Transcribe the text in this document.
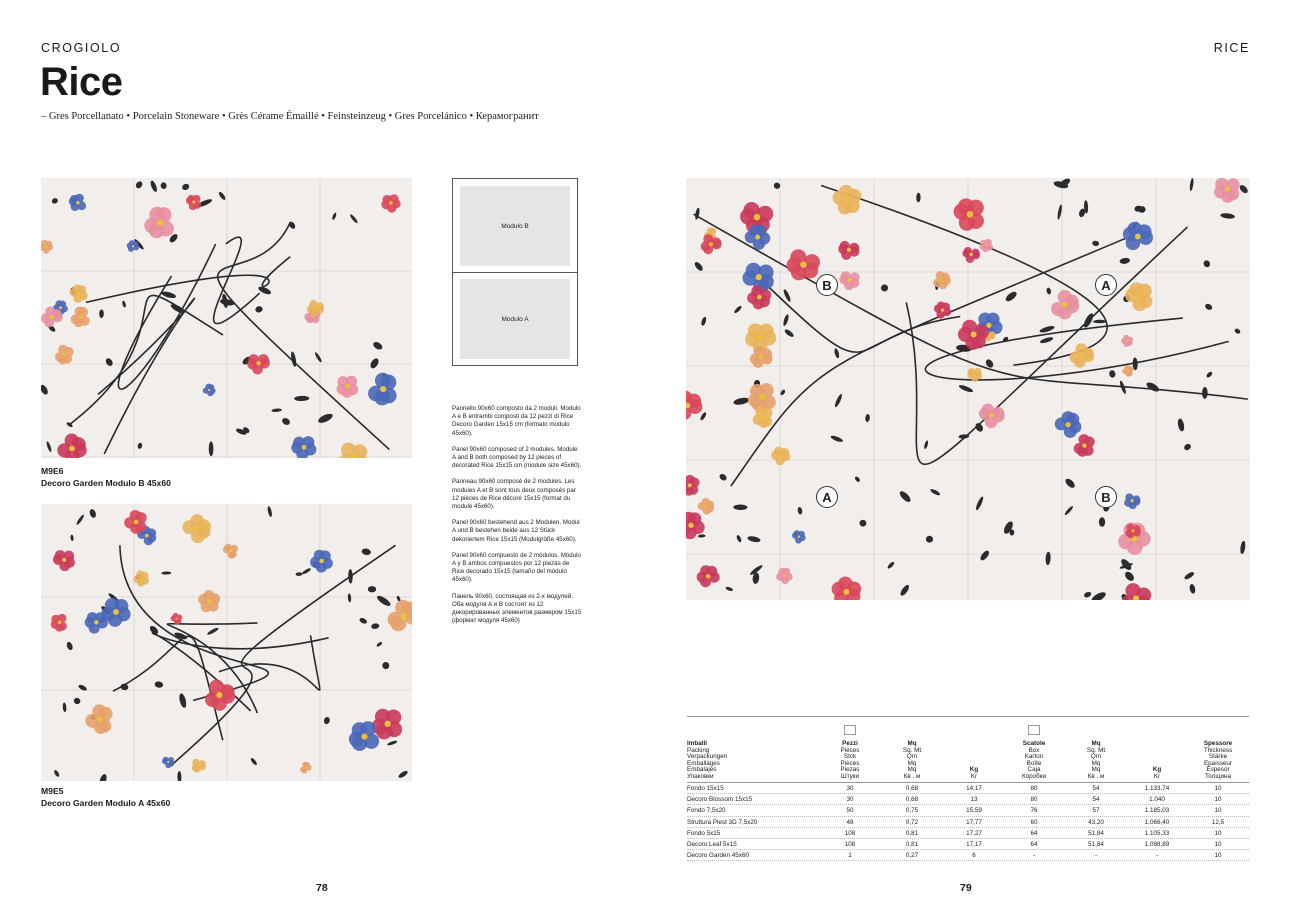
CROGIOLO	RICE
Rice
– Gres Porcellanato • Porcelain Stoneware • Grès Cérame Émaillé • Feinsteinzeug • Gres Porcelánico • Керамогранит
M9E6
Decoro Garden Modulo B 45x60
M9E5
Decoro Garden Modulo A 45x60
Modulo B
Modulo A

Pannello 90x60 composto da 2 moduli. Modulo A e B entrambi composti da 12 pezzi di Rice Decoro Garden 15x15 cm (formato modulo 45x60).

Panel 90x60 composed of 2 modules. Module A and B both composed by 12 pieces of decorated Rice 15x15 cm (module size 45x60).

Panneau 90x60 composé de 2 modules. Les modules A et B sont tous deux composés par 12 pièces de Rice décoré 15x15 (format du module 45x60).

Panel 90x60 bestehend aus 2 Modulen. Modul A und B bestehen beide aus 12 Stück dekoriertem Rice 15x15 (Modulgröße 45x60).

Panel 90x60 compuesto de 2 módulos. Módulo A y B ambos compuestos por 12 piezas de Rice decorado 15x15 (tamaño del módulo 45x60).

Панель 90x60, состоящая из 2-х модулей. Оба модуля A и B состоят из 12 декорированных элементов размером 15x15 (формат модуля 45x60)

B	A
A	B
Imballi
Packing
Verpackungen
Emballages
Embalajes
Упаковки
Pezzi
Pieces
Stck
Pièces
Piezas
Штуки
Mq
Sq. Mt
Qm
Mq
Mq
Кв . м
Kg
Kr
Scatole
Box
Karton
Boîte
Caja
Коробки
Mq
Sq. Mt
Qm
Mq
Mq
Кв . м
Kg
Kr
Spessore
Thickness
Stärke
Epaisseur
Espesor
Толщина
Fondo 15x15	30	0,68	14,17	80	54	1.133,74	10
Decoro Blossom 15x15	30	0,68	13	80	54	1.040	10
Fondo 7,5x20	50	0,75	15,59	76	57	1.185,03	10
Struttura Plest 3D 7,5x20	48	0,72	17,77	60	43,20	1.066,40	12,5
Fondo 5x15	108	0,81	17,27	64	51,84	1.105,33	10
Decoro Leaf 5x15	108	0,81	17,17	64	51,84	1.098,89	10
Decoro Garden 45x60	1	0,27	6	-	-	-	10
78	79
